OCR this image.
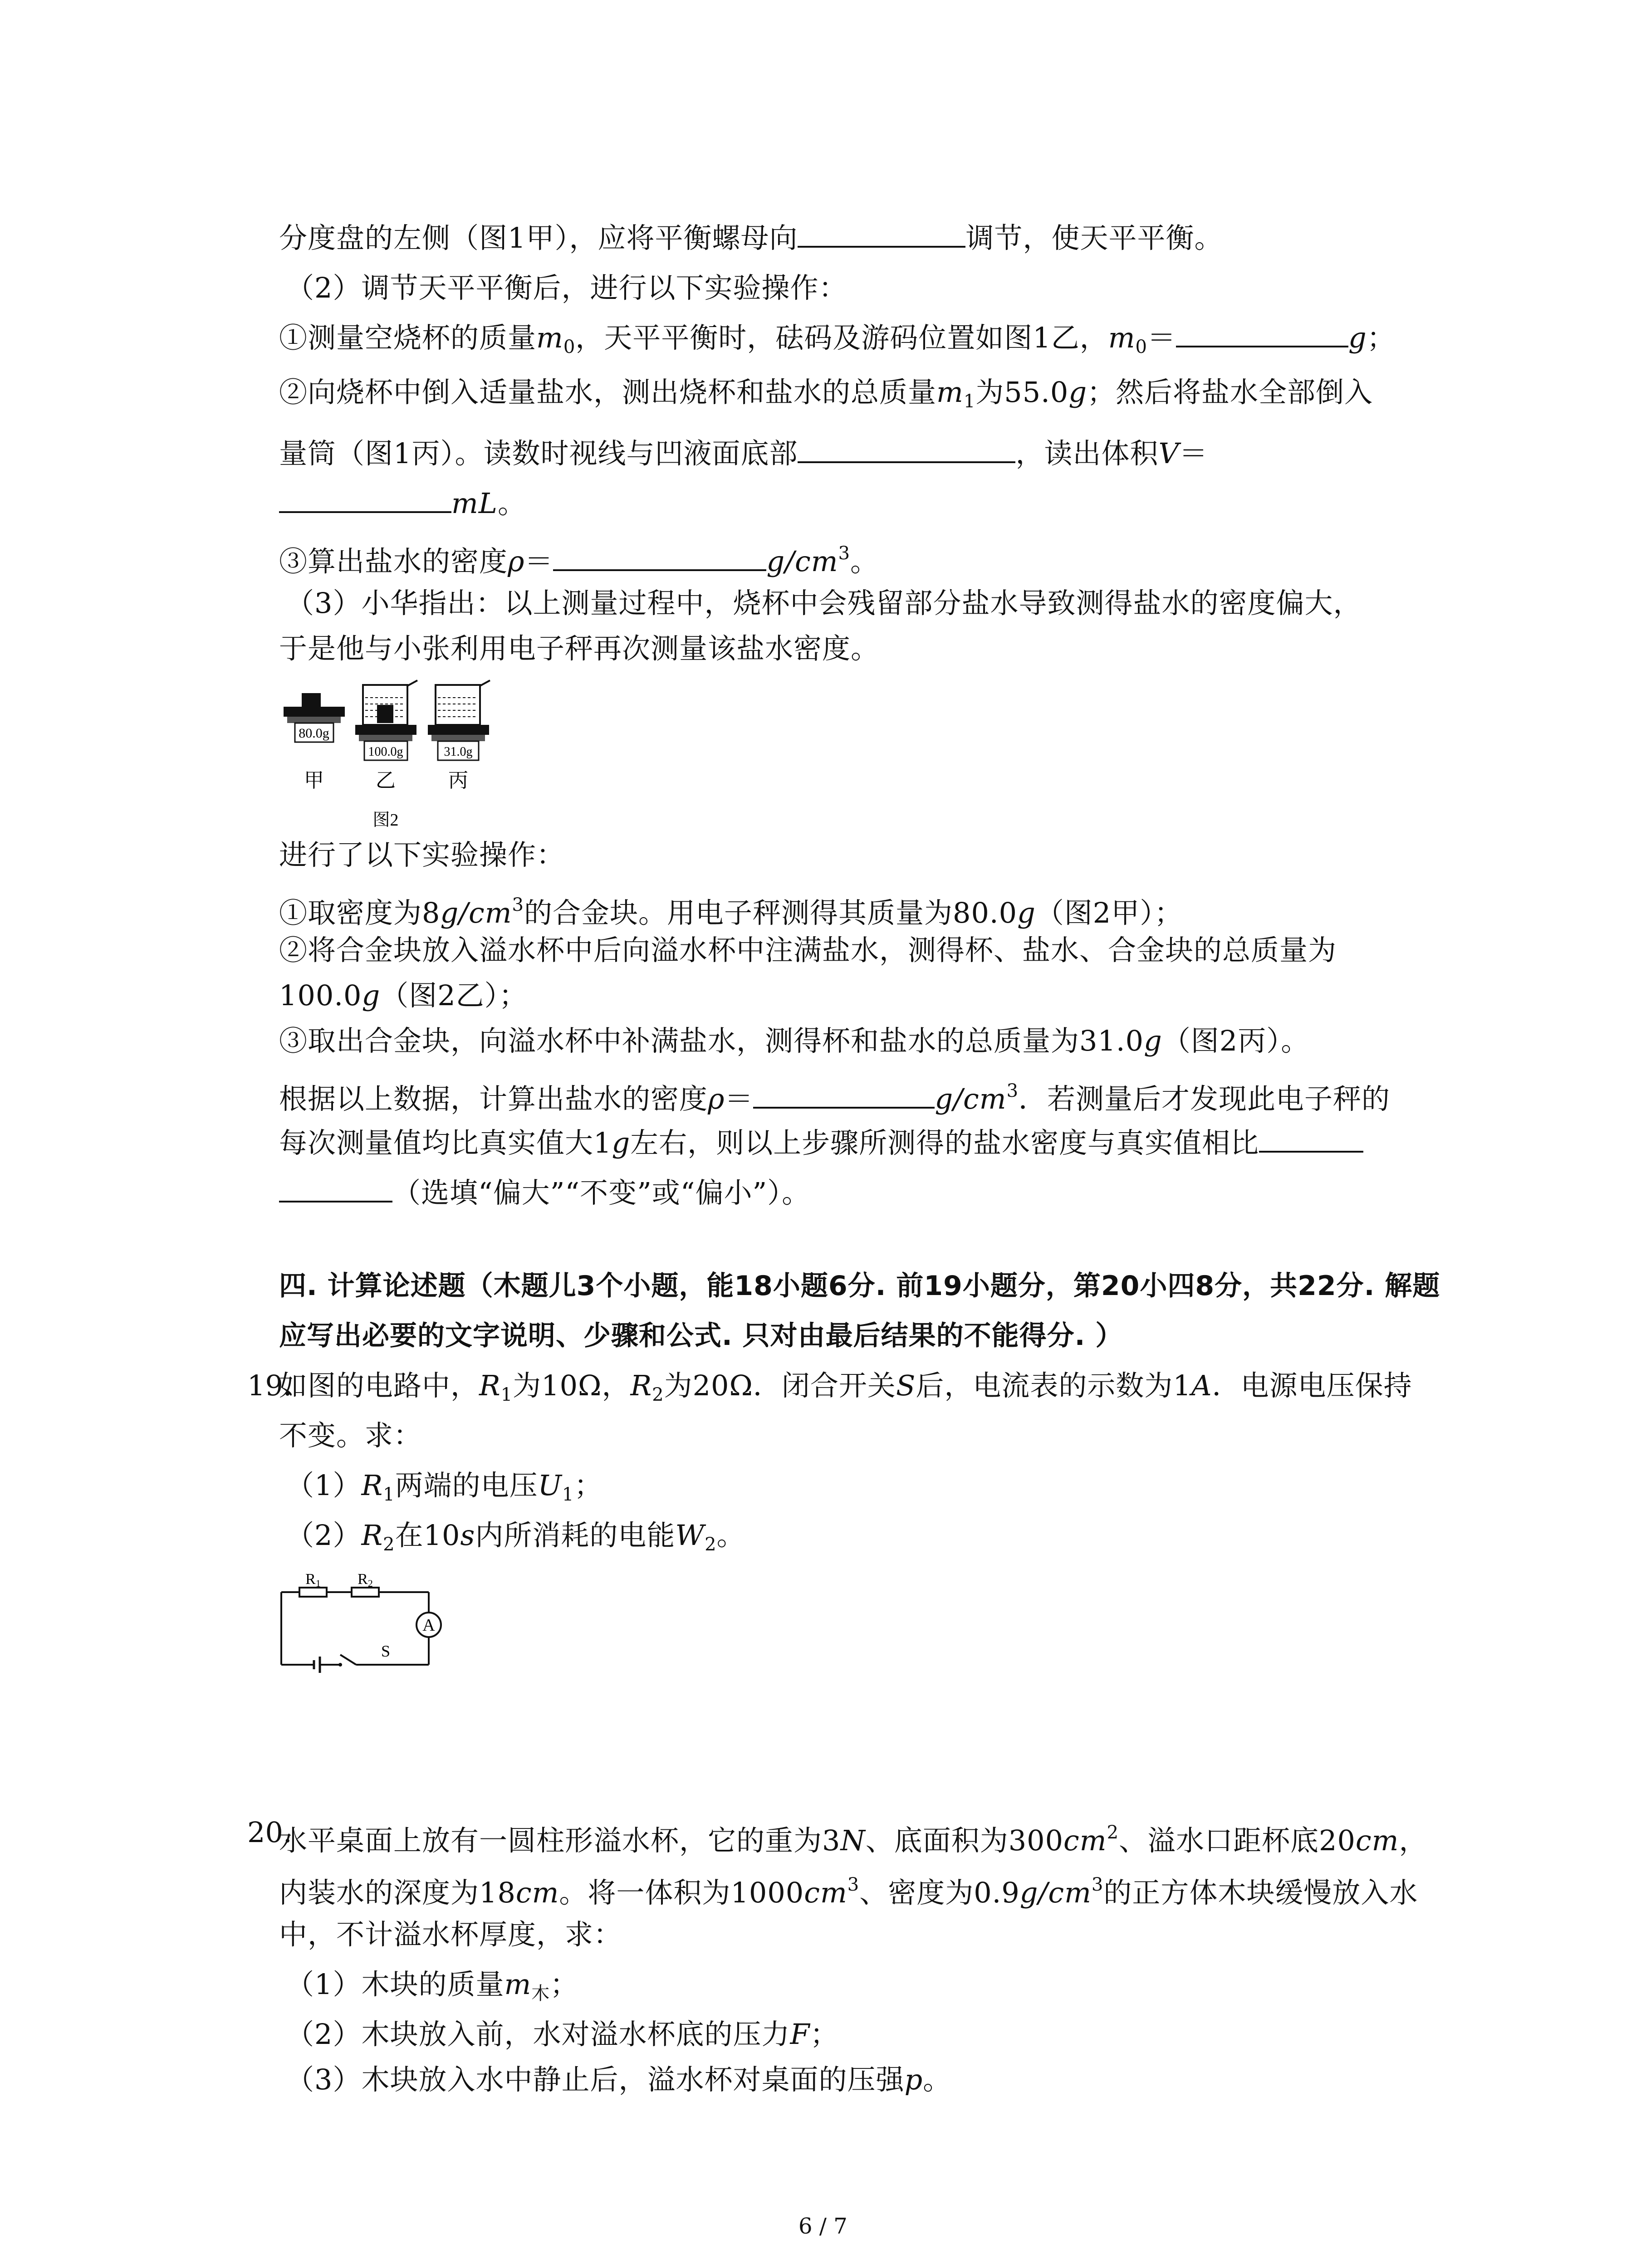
分度盘的左侧（图1甲），应将平衡螺母向	调节，使天平平衡。
（2）调节天平平衡后，进行以下实验操作：
①测量空烧杯的质量$m_0$，天平平衡时，砝码及游码位置如图1乙，$m_0=$	g；
②向烧杯中倒入适量盐水，测出烧杯和盐水的总质量$m_1$为55.0g；然后将盐水全部倒入
量筒（图1丙）。读数时视线与凹液面底部	，读出体积V＝
mL。
③算出盐水的密度ρ＝	$g/cm^3$。
（3）小华指出：以上测量过程中，烧杯中会残留部分盐水导致测得盐水的密度偏大，
于是他与小张利用电子秤再次测量该盐水密度。
80.0g
甲
100.0g
乙
31.0g
丙
图2
进行了以下实验操作：
①取密度为$8g/cm^3$的合金块。用电子秤测得其质量为80.0g（图2甲）；
②将合金块放入溢水杯中后向溢水杯中注满盐水，测得杯、盐水、合金块的总质量为
100.0g（图2乙）；
③取出合金块，向溢水杯中补满盐水，测得杯和盐水的总质量为31.0g（图2丙）。
根据以上数据，计算出盐水的密度ρ＝	$g/cm^3$．若测量后才发现此电子秤的
每次测量值均比真实值大1g左右，则以上步骤所测得的盐水密度与真实值相比
（选填“偏大”“不变”或“偏小”）。
四. 计算论述题（木题儿3个小题，能18小题6分. 前19小题分，第20小四8分，共22分. 解题
应写出必要的文字说明、少骤和公式. 只对由最后结果的不能得分. ）
19.
如图的电路中，$R_1$为10Ω，$R_2$为20Ω．闭合开关S后，电流表的示数为1A．电源电压保持
不变。求：
$(1)R_1$两端的电压$U_1$；
$(2)R_2$在10s内所消耗的电能$W_2$。
A
R1 R2
S
20.
水平桌面上放有一圆柱形溢水杯，它的重为3N、底面积为$300cm^2$、溢水口距杯底20cm，
内装水的深度为18cm。将一体积为$1000cm^3$、密度为$0.9g/cm^3$的正方体木块缓慢放入水
中，不计溢水杯厚度，求：
（1）木块的质量$m_木$；
（2）木块放入前，水对溢水杯底的压力F；
（3）木块放入水中静止后，溢水杯对桌面的压强p。
6 / 7
